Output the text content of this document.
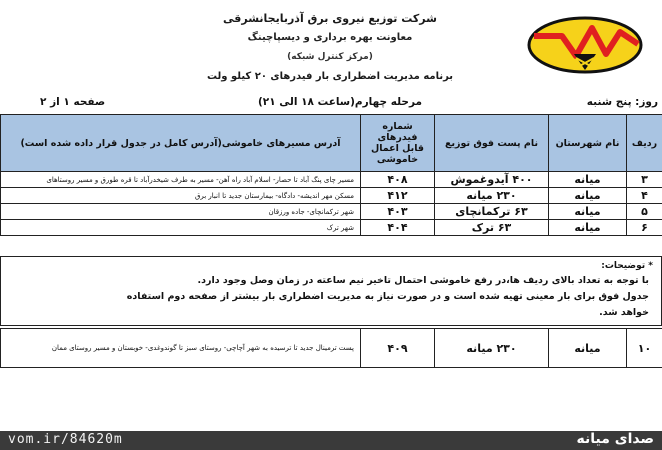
شرکت توزیع نیروی برق آذربایجانشرقی
معاونت بهره برداری و دیسپاچینگ
(مرکز کنترل شبکه)
برنامه مدیریت اضطراری بار فیدرهای ۲۰ کیلو ولت
روز: پنج شنبه
مرحله چهارم(ساعت ۱۸ الی ۲۱)
صفحه ۱ از ۲
ردیف	نام شهرستان	نام پست فوق توزیع	شماره فیدرهای قابل اعمال خاموشی	آدرس مسیرهای خاموشی(آدرس کامل در جدول قرار داده شده است)
۳	میانه	۴۰۰ آیدوغموش	۴۰۸	مسیر چای پنگ آباد تا حصار- اسلام آباد راه آهن- مسیر به طرف شیخدرآباد تا قره طورق و مسیر روستاهای
۴	میانه	۲۳۰ میانه	۴۱۲	مسکن مهر اندیشه- دادگاه- بیمارستان جدید تا انبار برق
۵	میانه	۶۳ ترکمانچای	۴۰۳	شهر ترکمانچای- جاده ورزقان
۶	میانه	۶۳ ترک	۴۰۴	شهر ترک
* توضیحات:
با توجه به تعداد بالای ردیف ها،در رفع خاموشی احتمال تاخیر نیم ساعته در زمان وصل وجود دارد.
جدول فوق برای بار معینی تهیه شده است و در صورت نیاز به مدیریت اضطراری بار بیشتر از صفحه دوم استفاده
خواهد شد.
۱۰	میانه	۲۳۰ میانه	۴۰۹	پست ترمینال جدید تا ترسیده به شهر آچاچی- روستای سبز تا گوندوغدی- خوبستان و مسیر روستای ممان
vom.ir/84620m	صدای میانه
